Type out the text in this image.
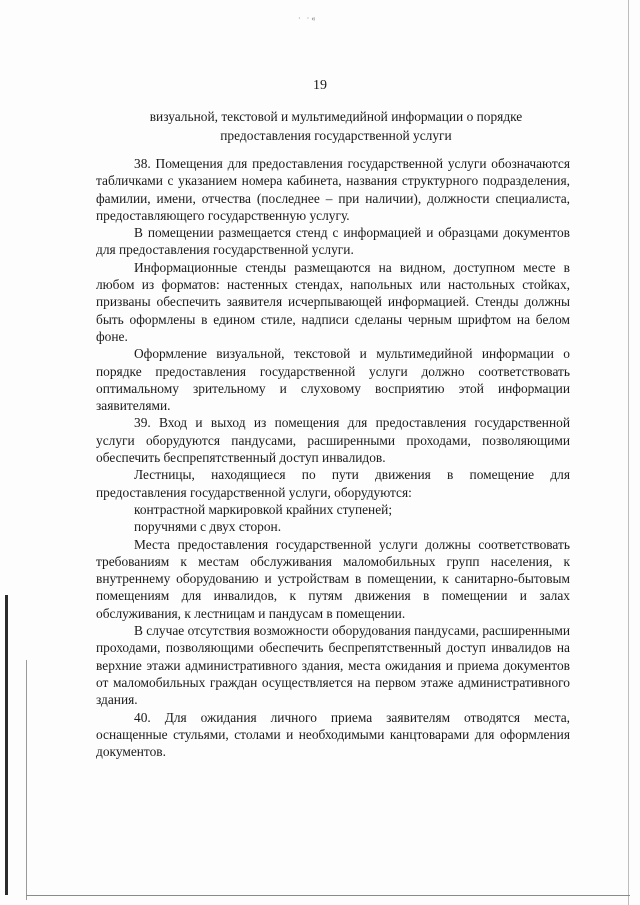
· ·«
19
визуальной, текстовой и мультимедийной информации о порядке
предоставления государственной услуги

38. Помещения для предоставления государственной услуги обозначаются табличками с указанием номера кабинета, названия структурного подразделения, фамилии, имени, отчества (последнее – при наличии), должности специалиста, предоставляющего государственную услугу.

В помещении размещается стенд с информацией и образцами документов для предоставления государственной услуги.

Информационные стенды размещаются на видном, доступном месте в любом из форматов: настенных стендах, напольных или настольных стойках, призваны обеспечить заявителя исчерпывающей информацией. Стенды должны быть оформлены в едином стиле, надписи сделаны черным шрифтом на белом фоне.

Оформление визуальной, текстовой и мультимедийной информации о порядке предоставления государственной услуги должно соответствовать оптимальному зрительному и слуховому восприятию этой информации заявителями.

39. Вход и выход из помещения для предоставления государственной услуги оборудуются пандусами, расширенными проходами, позволяющими обеспечить беспрепятственный доступ инвалидов.

Лестницы, находящиеся по пути движения в помещение для предоставления государственной услуги, оборудуются:

контрастной маркировкой крайних ступеней;

поручнями с двух сторон.

Места предоставления государственной услуги должны соответствовать требованиям к местам обслуживания маломобильных групп населения, к внутреннему оборудованию и устройствам в помещении, к санитарно-бытовым помещениям для инвалидов, к путям движения в помещении и залах обслуживания, к лестницам и пандусам в помещении.

В случае отсутствия возможности оборудования пандусами, расширенными проходами, позволяющими обеспечить беспрепятственный доступ инвалидов на верхние этажи административного здания, места ожидания и приема документов от маломобильных граждан осуществляется на первом этаже административного здания.

40. Для ожидания личного приема заявителям отводятся места, оснащенные стульями, столами и необходимыми канцтоварами для оформления документов.
